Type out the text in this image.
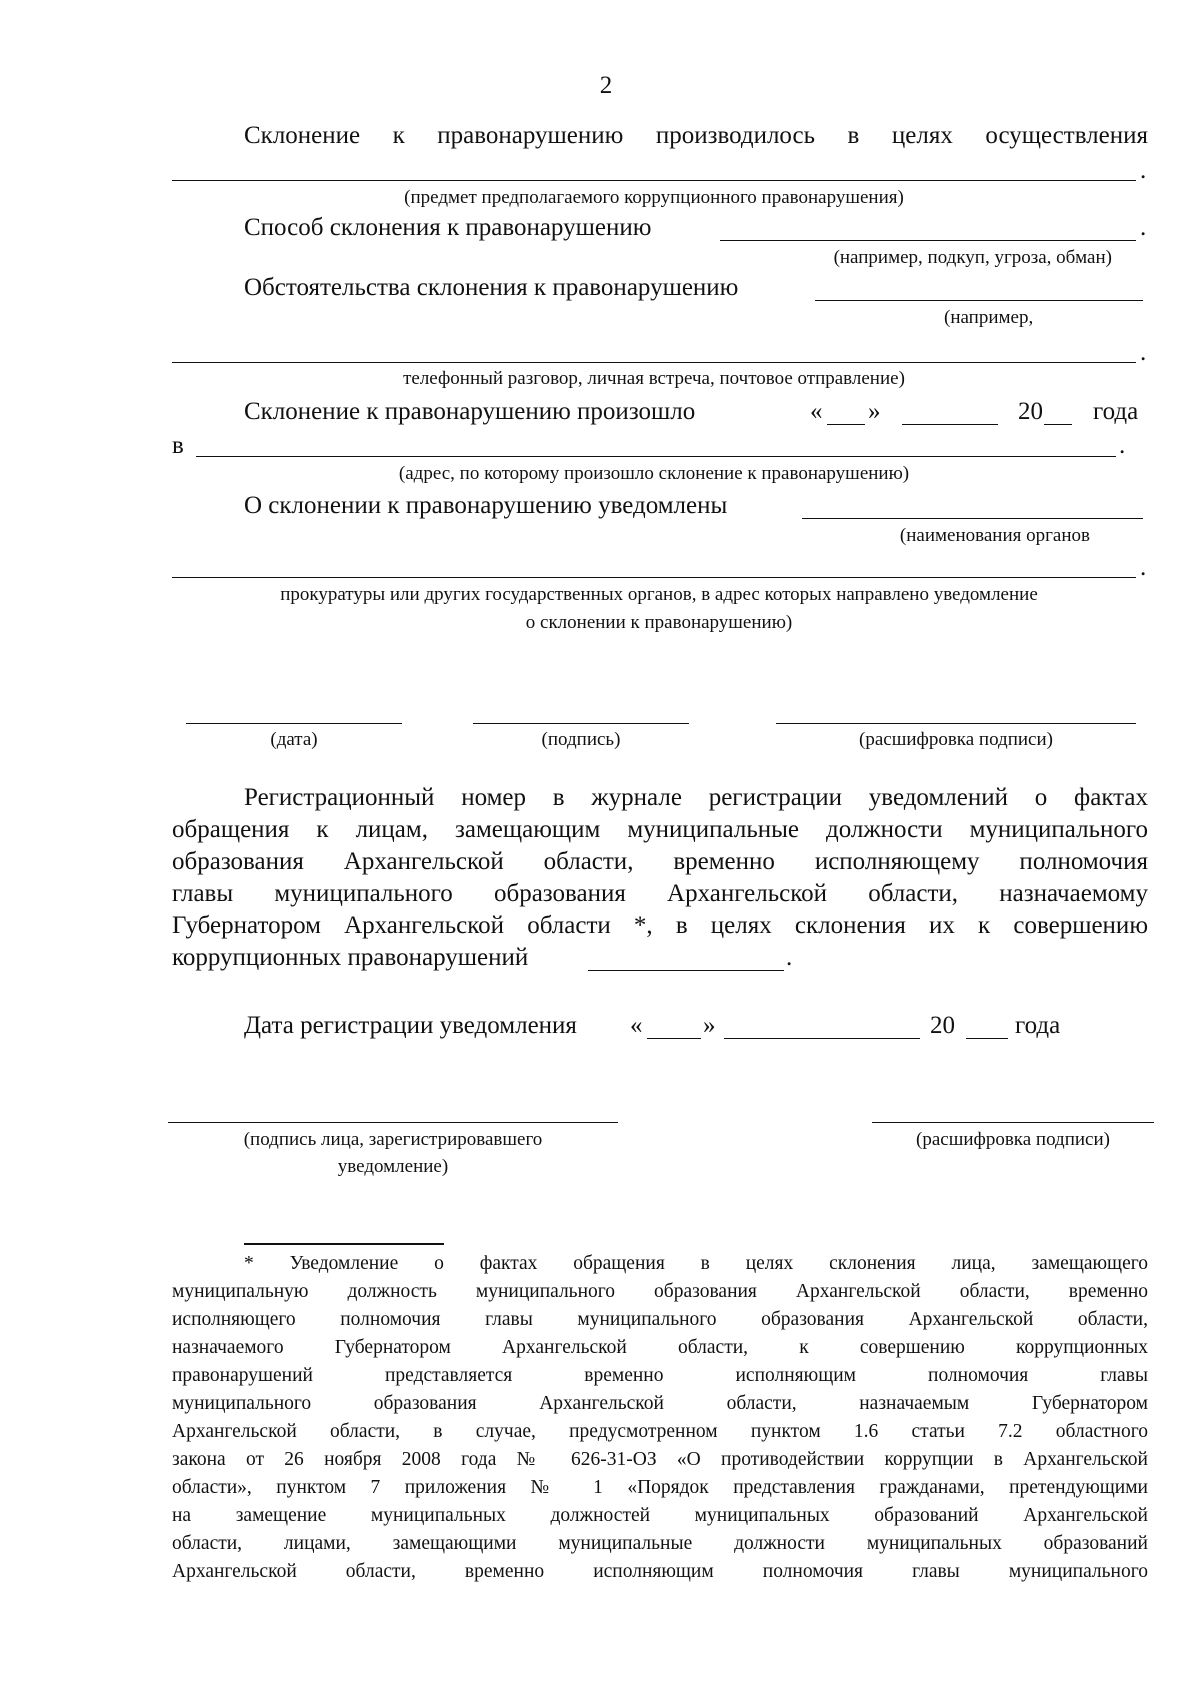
2
Склонение к правонарушению производилось в целях осуществления
.
(предмет предполагаемого коррупционного правонарушения)
Способ склонения к правонарушению	.
(например, подкуп, угроза, обман)
Обстоятельства склонения к правонарушению
(например,
.
телефонный разговор, личная встреча, почтовое отправление)
Склонение к правонарушению произошло	« »	20 года
в	.
(адрес, по которому произошло склонение к правонарушению)
О склонении к правонарушению уведомлены
(наименования органов
.
прокуратуры или других государственных органов, в адрес которых направлено уведомление
о склонении к правонарушению)
(дата)	(подпись)	(расшифровка подписи)
Регистрационный номер в журнале регистрации уведомлений о фактах
обращения к лицам, замещающим муниципальные должности муниципального
образования Архангельской области, временно исполняющему полномочия
главы муниципального образования Архангельской области, назначаемому
Губернатором Архангельской области *, в целях склонения их к совершению
коррупционных правонарушений	.
Дата регистрации уведомления « »	20 года
(подпись лица, зарегистрировавшего
уведомление)
(расшифровка подписи)
* Уведомление о фактах обращения в целях склонения лица, замещающего
муниципальную должность муниципального образования Архангельской области, временно
исполняющего полномочия главы муниципального образования Архангельской области,
назначаемого Губернатором Архангельской области, к совершению коррупционных
правонарушений представляется временно исполняющим полномочия главы
муниципального образования Архангельской области, назначаемым Губернатором
Архангельской области, в случае, предусмотренном пунктом 1.6 статьи 7.2 областного
закона от 26 ноября 2008 года № 626-31-ОЗ «О противодействии коррупции в Архангельской
области», пунктом 7 приложения № 1 «Порядок представления гражданами, претендующими
на замещение муниципальных должностей муниципальных образований Архангельской
области, лицами, замещающими муниципальные должности муниципальных образований
Архангельской области, временно исполняющим полномочия главы муниципального
